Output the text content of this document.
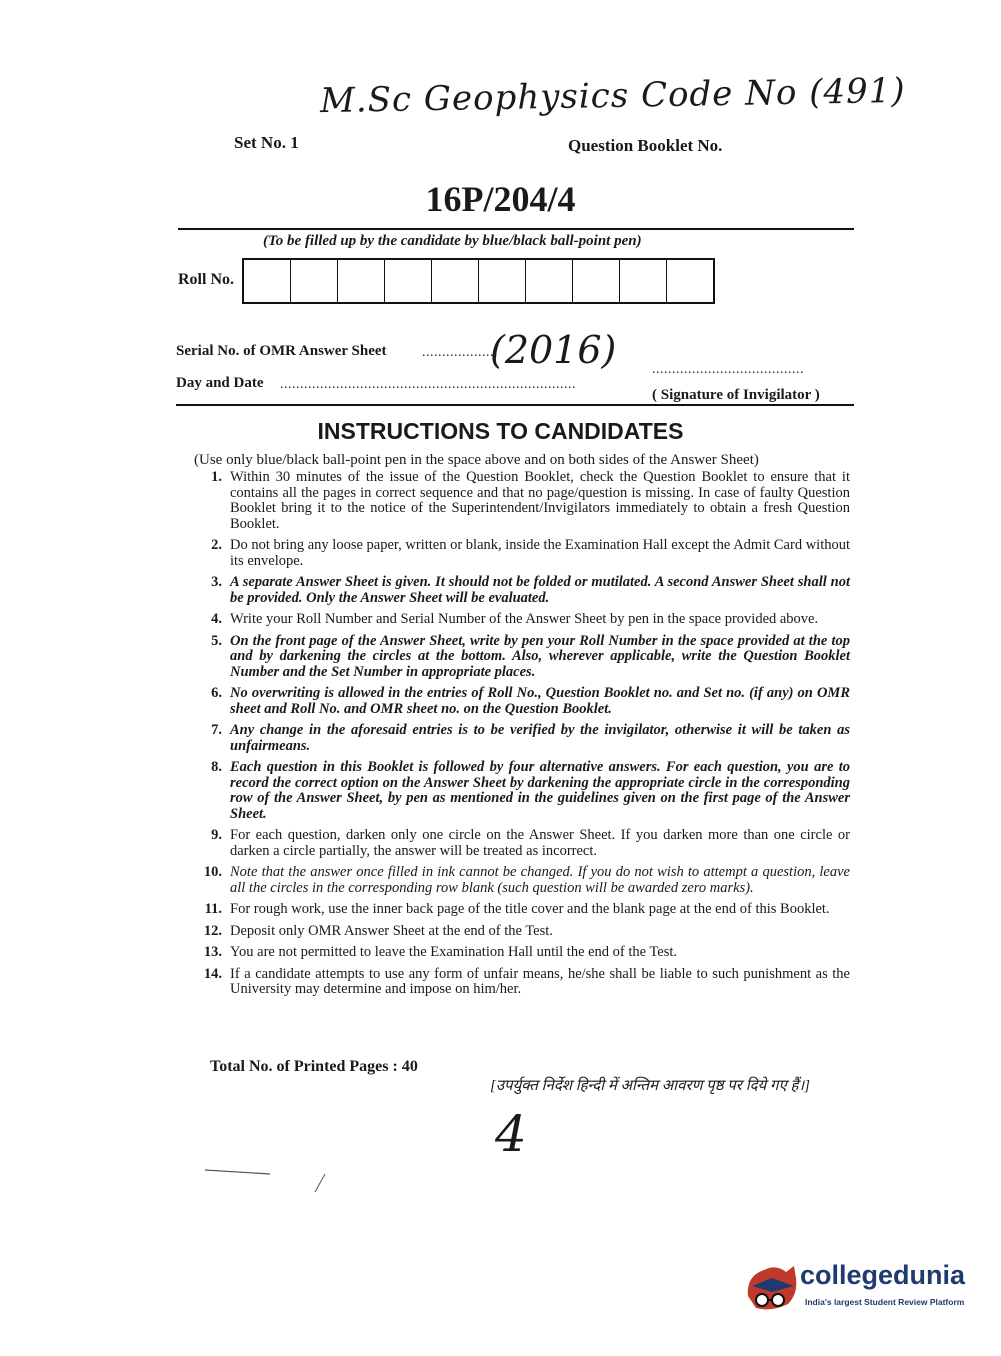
M.Sc Geophysics Code No (491)
Set No. 1	Question Booklet No.
16P/204/4
(To be filled up by the candidate by blue/black ball-point pen)
Roll No.
Serial No. of OMR Answer Sheet	...................
(2016)
Day and Date ..........................................................................
......................................
( Signature of Invigilator )
INSTRUCTIONS TO CANDIDATES
(Use only blue/black ball-point pen in the space above and on both sides of the Answer Sheet)
1. Within 30 minutes of the issue of the Question Booklet, check the Question Booklet to ensure that it contains all the pages in correct sequence and that no page/question is missing. In case of faulty Question Booklet bring it to the notice of the Superintendent/Invigilators immediately to obtain a fresh Question Booklet.
2. Do not bring any loose paper, written or blank, inside the Examination Hall except the Admit Card without its envelope.
3. A separate Answer Sheet is given. It should not be folded or mutilated. A second Answer Sheet shall not be provided. Only the Answer Sheet will be evaluated.
4. Write your Roll Number and Serial Number of the Answer Sheet by pen in the space provided above.
5. On the front page of the Answer Sheet, write by pen your Roll Number in the space provided at the top and by darkening the circles at the bottom. Also, wherever applicable, write the Question Booklet Number and the Set Number in appropriate places.
6. No overwriting is allowed in the entries of Roll No., Question Booklet no. and Set no. (if any) on OMR sheet and Roll No. and OMR sheet no. on the Question Booklet.
7. Any change in the aforesaid entries is to be verified by the invigilator, otherwise it will be taken as unfairmeans.
8. Each question in this Booklet is followed by four alternative answers. For each question, you are to record the correct option on the Answer Sheet by darkening the appropriate circle in the corresponding row of the Answer Sheet, by pen as mentioned in the guidelines given on the first page of the Answer Sheet.
9. For each question, darken only one circle on the Answer Sheet. If you darken more than one circle or darken a circle partially, the answer will be treated as incorrect.
10. Note that the answer once filled in ink cannot be changed. If you do not wish to attempt a question, leave all the circles in the corresponding row blank (such question will be awarded zero marks).
11. For rough work, use the inner back page of the title cover and the blank page at the end of this Booklet.
12. Deposit only OMR Answer Sheet at the end of the Test.
13. You are not permitted to leave the Examination Hall until the end of the Test.
14. If a candidate attempts to use any form of unfair means, he/she shall be liable to such punishment as the University may determine and impose on him/her.
Total No. of Printed Pages : 40
[उपर्युक्त निर्देश हिन्दी में अन्तिम आवरण पृष्ठ पर दिये गए हैं।]
4
collegedunia
India's largest Student Review Platform
